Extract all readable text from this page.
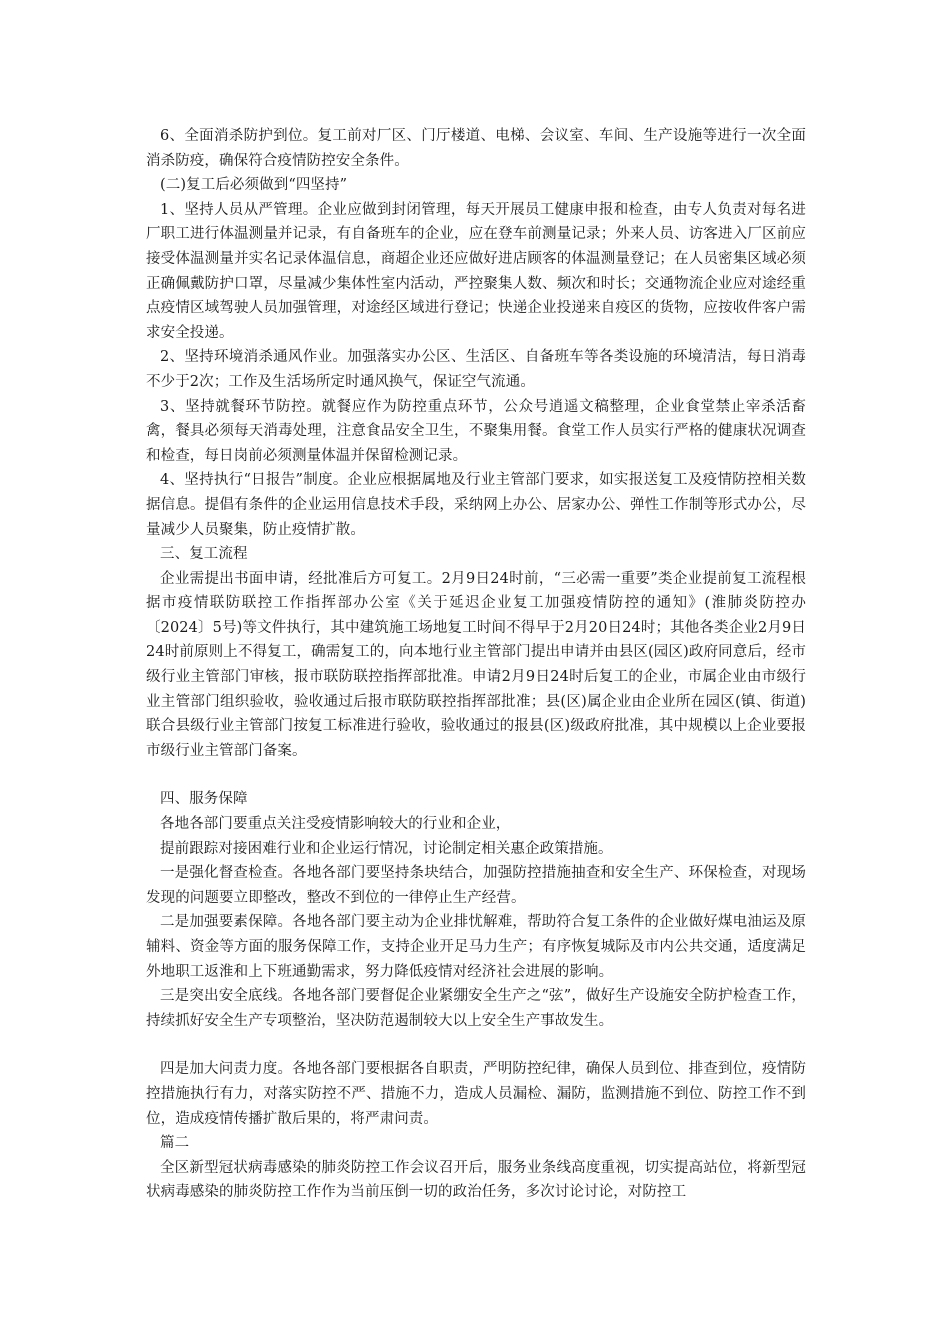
6、全面消杀防护到位。复工前对厂区、门厅楼道、电梯、会议室、车间、生产设施等进行一次全面消杀防疫，确保符合疫情防控安全条件。

(二)复工后必须做到“四坚持”

1、坚持人员从严管理。企业应做到封闭管理，每天开展员工健康申报和检查，由专人负责对每名进厂职工进行体温测量并记录，有自备班车的企业，应在登车前测量记录；外来人员、访客进入厂区前应接受体温测量并实名记录体温信息，商超企业还应做好进店顾客的体温测量登记；在人员密集区域必须正确佩戴防护口罩，尽量减少集体性室内活动，严控聚集人数、频次和时长；交通物流企业应对途经重点疫情区域驾驶人员加强管理，对途经区域进行登记；快递企业投递来自疫区的货物，应按收件客户需求安全投递。

2、坚持环境消杀通风作业。加强落实办公区、生活区、自备班车等各类设施的环境清洁，每日消毒不少于2次；工作及生活场所定时通风换气，保证空气流通。

3、坚持就餐环节防控。就餐应作为防控重点环节，公众号逍遥文稿整理，企业食堂禁止宰杀活畜禽，餐具必须每天消毒处理，注意食品安全卫生，不聚集用餐。食堂工作人员实行严格的健康状况调查和检查，每日岗前必须测量体温并保留检测记录。

4、坚持执行“日报告”制度。企业应根据属地及行业主管部门要求，如实报送复工及疫情防控相关数据信息。提倡有条件的企业运用信息技术手段，采纳网上办公、居家办公、弹性工作制等形式办公，尽量减少人员聚集，防止疫情扩散。

三、复工流程

企业需提出书面申请，经批准后方可复工。2月9日24时前，“三必需一重要”类企业提前复工流程根据市疫情联防联控工作指挥部办公室《关于延迟企业复工加强疫情防控的通知》(淮肺炎防控办〔2024〕5号)等文件执行，其中建筑施工场地复工时间不得早于2月20日24时；其他各类企业2月9日24时前原则上不得复工，确需复工的，向本地行业主管部门提出申请并由县区(园区)政府同意后，经市级行业主管部门审核，报市联防联控指挥部批准。申请2月9日24时后复工的企业，市属企业由市级行业主管部门组织验收，验收通过后报市联防联控指挥部批准；县(区)属企业由企业所在园区(镇、街道)联合县级行业主管部门按复工标准进行验收，验收通过的报县(区)级政府批准，其中规模以上企业要报市级行业主管部门备案。

四、服务保障

各地各部门要重点关注受疫情影响较大的行业和企业，

提前跟踪对接困难行业和企业运行情况，讨论制定相关惠企政策措施。

一是强化督查检查。各地各部门要坚持条块结合，加强防控措施抽查和安全生产、环保检查，对现场发现的问题要立即整改，整改不到位的一律停止生产经营。

二是加强要素保障。各地各部门要主动为企业排忧解难，帮助符合复工条件的企业做好煤电油运及原辅料、资金等方面的服务保障工作，支持企业开足马力生产；有序恢复城际及市内公共交通，适度满足外地职工返淮和上下班通勤需求，努力降低疫情对经济社会进展的影响。

三是突出安全底线。各地各部门要督促企业紧绷安全生产之“弦”，做好生产设施安全防护检查工作，持续抓好安全生产专项整治，坚决防范遏制较大以上安全生产事故发生。

四是加大问责力度。各地各部门要根据各自职责，严明防控纪律，确保人员到位、排查到位，疫情防控措施执行有力，对落实防控不严、措施不力，造成人员漏检、漏防，监测措施不到位、防控工作不到位，造成疫情传播扩散后果的，将严肃问责。

篇二

全区新型冠状病毒感染的肺炎防控工作会议召开后，服务业条线高度重视，切实提高站位，将新型冠状病毒感染的肺炎防控工作作为当前压倒一切的政治任务，多次讨论讨论，对防控工
